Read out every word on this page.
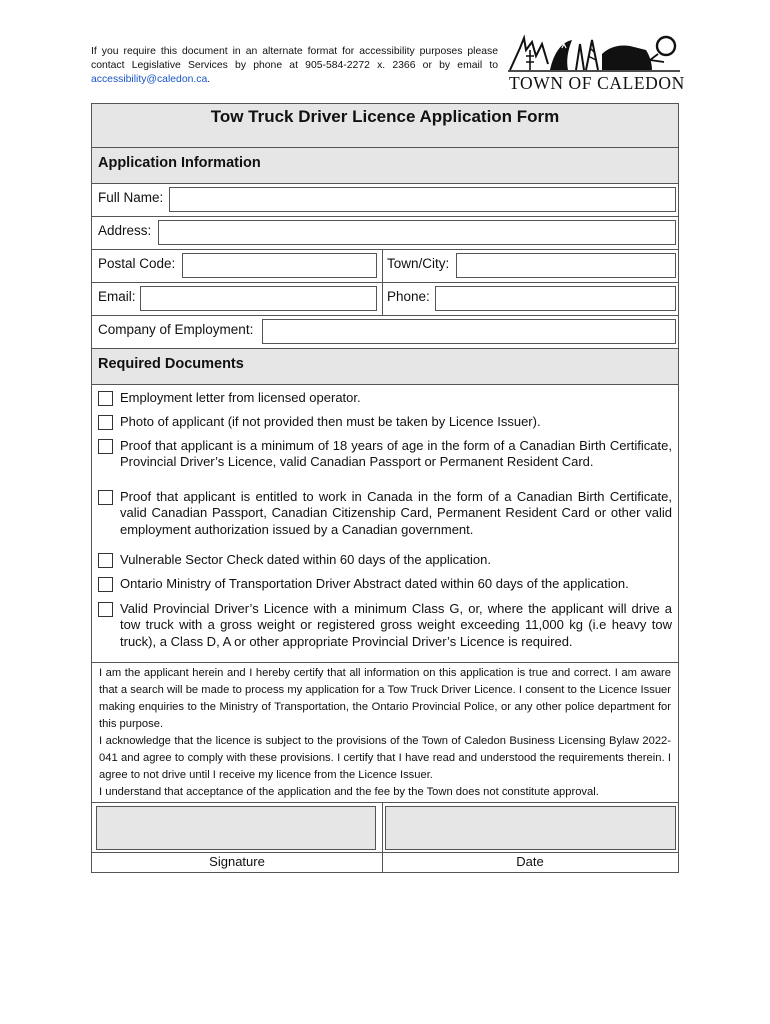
If you require this document in an alternate format for accessibility purposes please contact Legislative Services by phone at 905-584-2272 x. 2366 or by email to accessibility@caledon.ca.	TOWN OF CALEDON
Tow Truck Driver Licence Application Form
Application Information
Full Name:
Address:
Postal Code:	Town/City:
Email:	Phone:
Company of Employment:
Required Documents
Employment letter from licensed operator.
Photo of applicant (if not provided then must be taken by Licence Issuer).
Proof that applicant is a minimum of 18 years of age in the form of a Canadian Birth Certificate, Provincial Driver’s Licence, valid Canadian Passport or Permanent Resident Card.
Proof that applicant is entitled to work in Canada in the form of a Canadian Birth Certificate, valid Canadian Passport, Canadian Citizenship Card, Permanent Resident Card or other valid employment authorization issued by a Canadian government.
Vulnerable Sector Check dated within 60 days of the application.
Ontario Ministry of Transportation Driver Abstract dated within 60 days of the application.
Valid Provincial Driver’s Licence with a minimum Class G, or, where the applicant will drive a tow truck with a gross weight or registered gross weight exceeding 11,000 kg (i.e heavy tow truck), a Class D, A or other appropriate Provincial Driver’s Licence is required.

I am the applicant herein and I hereby certify that all information on this application is true and correct. I am aware that a search will be made to process my application for a Tow Truck Driver Licence. I consent to the Licence Issuer making enquiries to the Ministry of Transportation, the Ontario Provincial Police, or any other police department for this purpose.

I acknowledge that the licence is subject to the provisions of the Town of Caledon Business Licensing Bylaw 2022-041 and agree to comply with these provisions. I certify that I have read and understood the requirements therein. I agree to not drive until I receive my licence from the Licence Issuer.

I understand that acceptance of the application and the fee by the Town does not constitute approval.

Signature	Date
